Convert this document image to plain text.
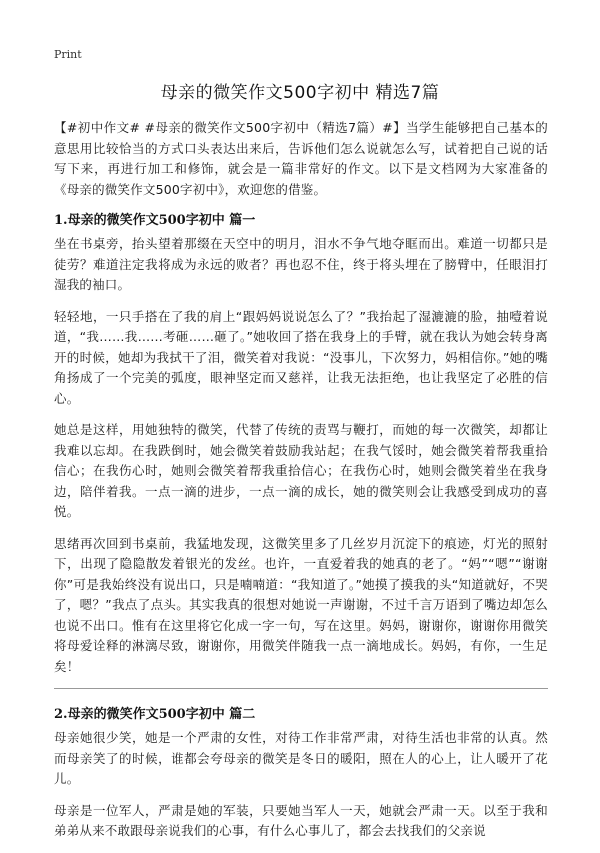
Print
母亲的微笑作文500字初中 精选7篇

【#初中作文# #母亲的微笑作文500字初中（精选7篇）#】当学生能够把自己基本的意思用比较恰当的方式口头表达出来后，告诉他们怎么说就怎么写，试着把自己说的话写下来，再进行加工和修饰，就会是一篇非常好的作文。以下是文档网为大家准备的《母亲的微笑作文500字初中》，欢迎您的借鉴。

1.母亲的微笑作文500字初中 篇一

坐在书桌旁，抬头望着那缀在天空中的明月，泪水不争气地夺眶而出。难道一切都只是徒劳？难道注定我将成为永远的败者？再也忍不住，终于将头埋在了膀臂中，任眼泪打湿我的袖口。

轻轻地，一只手搭在了我的肩上“跟妈妈说说怎么了？”我抬起了湿漉漉的脸，抽噎着说道，“我……我……考砸……砸了。”她收回了搭在我身上的手臂，就在我认为她会转身离开的时候，她却为我拭干了泪，微笑着对我说：“没事儿，下次努力，妈相信你。”她的嘴角扬成了一个完美的弧度，眼神坚定而又慈祥，让我无法拒绝，也让我坚定了必胜的信心。

她总是这样，用她独特的微笑，代替了传统的责骂与鞭打，而她的每一次微笑，却都让我难以忘却。在我跌倒时，她会微笑着鼓励我站起；在我气馁时，她会微笑着帮我重拾信心；在我伤心时，她则会微笑着帮我重拾信心；在我伤心时，她则会微笑着坐在我身边，陪伴着我。一点一滴的进步，一点一滴的成长，她的微笑则会让我感受到成功的喜悦。

思绪再次回到书桌前，我猛地发现，这微笑里多了几丝岁月沉淀下的痕迹，灯光的照射下，出现了隐隐散发着银光的发丝。也许，一直爱着我的她真的老了。“妈”“嗯”“谢谢你”可是我始终没有说出口，只是喃喃道：“我知道了。”她摸了摸我的头“知道就好，不哭了，嗯？”我点了点头。其实我真的很想对她说一声谢谢，不过千言万语到了嘴边却怎么也说不出口。惟有在这里将它化成一字一句，写在这里。妈妈，谢谢你，谢谢你用微笑将母爱诠释的淋漓尽致，谢谢你，用微笑伴随我一点一滴地成长。妈妈，有你，一生足矣！

2.母亲的微笑作文500字初中 篇二

母亲她很少笑，她是一个严肃的女性，对待工作非常严肃，对待生活也非常的认真。然而母亲笑了的时候，谁都会夸母亲的微笑是冬日的暖阳，照在人的心上，让人暖开了花儿。

母亲是一位军人，严肃是她的军装，只要她当军人一天，她就会严肃一天。以至于我和弟弟从来不敢跟母亲说我们的心事，有什么心事儿了，都会去找我们的父亲说
